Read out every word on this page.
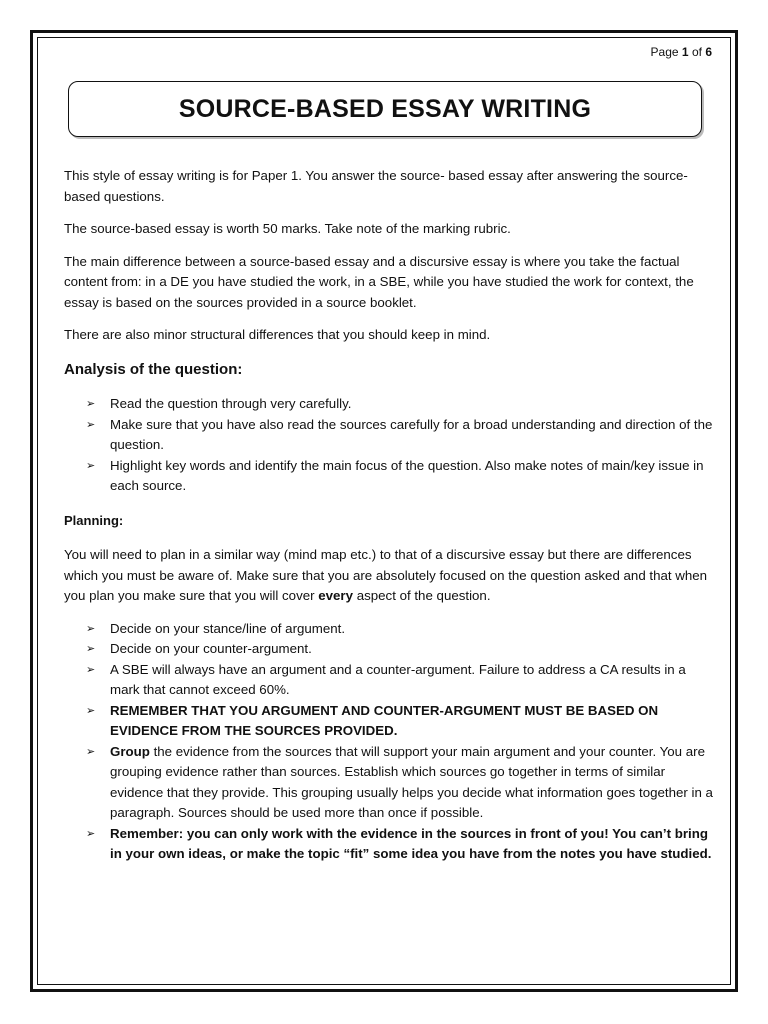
Page 1 of 6
SOURCE-BASED ESSAY WRITING

This style of essay writing is for Paper 1. You answer the source- based essay after answering the source- based questions.

The source-based essay is worth 50 marks. Take note of the marking rubric.

The main difference between a source-based essay and a discursive essay is where you take the factual content from: in a DE you have studied the work, in a SBE, while you have studied the work for context, the essay is based on the sources provided in a source booklet.

There are also minor structural differences that you should keep in mind.

Analysis of the question:
➢ Read the question through very carefully.
➢ Make sure that you have also read the sources carefully for a broad understanding and direction of the question.
➢ Highlight key words and identify the main focus of the question. Also make notes of main/key issue in each source.
Planning:

You will need to plan in a similar way (mind map etc.) to that of a discursive essay but there are differences which you must be aware of. Make sure that you are absolutely focused on the question asked and that when you plan you make sure that you will cover every aspect of the question.

➢ Decide on your stance/line of argument.
➢ Decide on your counter-argument.
➢ A SBE will always have an argument and a counter-argument. Failure to address a CA results in a mark that cannot exceed 60%.
➢ REMEMBER THAT YOU ARGUMENT AND COUNTER-ARGUMENT MUST BE BASED ON EVIDENCE FROM THE SOURCES PROVIDED.
➢ Group the evidence from the sources that will support your main argument and your counter. You are grouping evidence rather than sources. Establish which sources go together in terms of similar evidence that they provide. This grouping usually helps you decide what information goes together in a paragraph. Sources should be used more than once if possible.
➢ Remember: you can only work with the evidence in the sources in front of you! You can’t bring in your own ideas, or make the topic “fit” some idea you have from the notes you have studied.
